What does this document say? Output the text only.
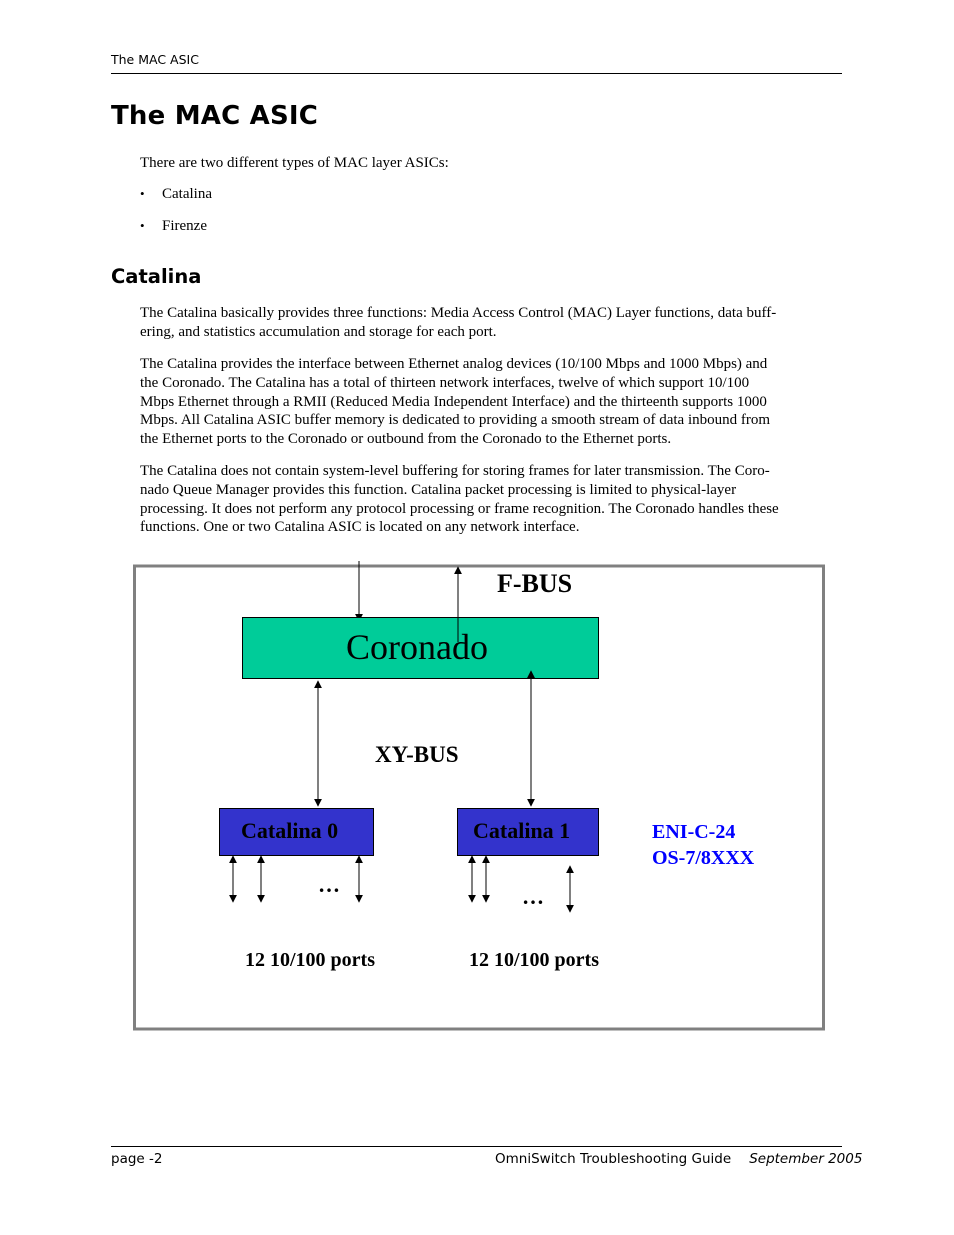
The MAC ASIC
The MAC ASIC

There are two different types of MAC layer ASICs:

• Catalina
• Firenze
Catalina
The Catalina basically provides three functions: Media Access Control (MAC) Layer functions, data buff-
ering, and statistics accumulation and storage for each port.
The Catalina provides the interface between Ethernet analog devices (10/100 Mbps and 1000 Mbps) and
the Coronado. The Catalina has a total of thirteen network interfaces, twelve of which support 10/100
Mbps Ethernet through a RMII (Reduced Media Independent Interface) and the thirteenth supports 1000
Mbps. All Catalina ASIC buffer memory is dedicated to providing a smooth stream of data inbound from
the Ethernet ports to the Coronado or outbound from the Coronado to the Ethernet ports.
The Catalina does not contain system-level buffering for storing frames for later transmission. The Coro-
nado Queue Manager provides this function. Catalina packet processing is limited to physical-layer
processing. It does not perform any protocol processing or frame recognition. The Coronado handles these
functions. One or two Catalina ASIC is located on any network interface.
F-BUS
Coronado
XY-BUS
Catalina 0	Catalina 1	ENI-C-24
OS-7/8XXX
…	…
12 10/100 ports	12 10/100 ports
page -2	OmniSwitch Troubleshooting Guide September 2005
